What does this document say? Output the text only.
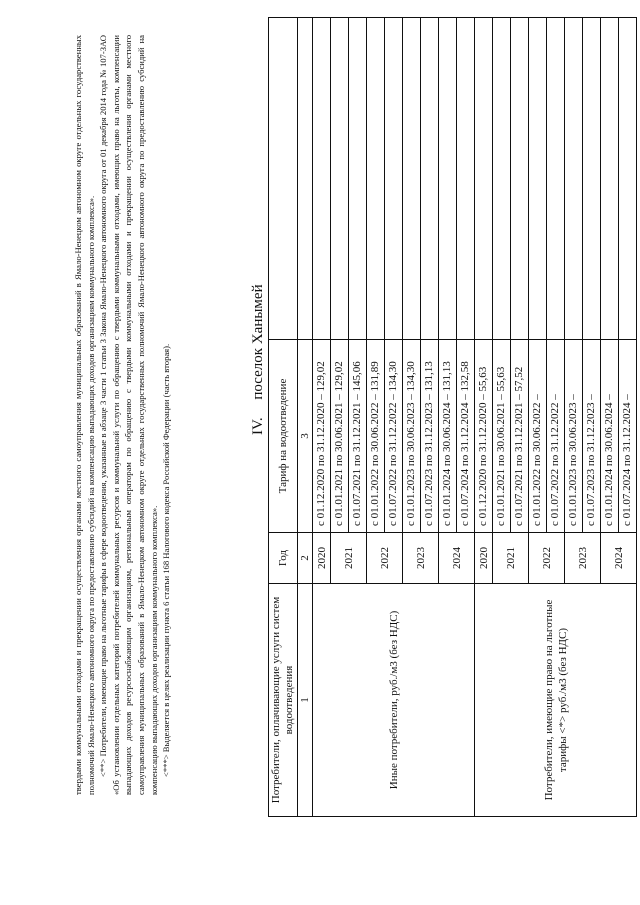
твердыми коммунальными отходами и прекращении осуществления органами местного самоуправления муниципальных образований в Ямало-Ненецком автономном округе отдельных государственных полномочий Ямало-Ненецкого автономного округа по предоставлению субсидий на компенсацию выпадающих доходов организациям коммунального комплекса». <**> Потребители, имеющие право на льготные тарифы в сфере водоотведения, указанные в абзаце 3 части 1 статьи 3 Закона Ямало-Ненецкого автономного округа от 01 декабря 2014 года № 107-ЗАО «Об установлении отдельных категорий потребителей коммунальных ресурсов и коммунальной услуги по обращению с твердыми коммунальными отходами, имеющих право на льготы, компенсации выпадающих доходов ресурсоснабжающим организациям, региональным операторам по обращению с твердыми коммунальными отходами и прекращении осуществления органами местного самоуправления муниципальных образований в Ямало-Ненецком автономном округе отдельных государственных полномочий Ямало-Ненецкого автономного округа по предоставлению субсидий на компенсацию выпадающих доходов организациям коммунального комплекса». <***> Выделяется в целях реализации пункта 6 статьи 168 Налогового кодекса Российской Федерации (часть вторая).	IV. поселок Ханымей
Потребители, оплачивающие услуги систем водоотведения	Год	Тариф на водоотведение	
1	2	3	
Иные потребители, руб./м3 (без НДС)	2020	с 01.12.2020 по 31.12.2020 – 129,02	
	2021	с 01.01.2021 по 30.06.2021 – 129,02	
		с 01.07.2021 по 31.12.2021 – 145,06	
	2022	с 01.01.2022 по 30.06.2022 – 131,89	
		с 01.07.2022 по 31.12.2022 – 134,30	
	2023	с 01.01.2023 по 30.06.2023 – 134,30	
		с 01.07.2023 по 31.12.2023 – 131,13	
	2024	с 01.01.2024 по 30.06.2024 – 131,13	
		с 01.07.2024 по 31.12.2024 – 132,58	
Потребители, имеющие право на льготные тарифы <*> руб./м3 (без НДС)	2020	с 01.12.2020 по 31.12.2020 – 55,63	
	2021	с 01.01.2021 по 30.06.2021 – 55,63	
		с 01.07.2021 по 31.12.2021 – 57,52	
	2022	с 01.01.2022 по 30.06.2022 –	
		с 01.07.2022 по 31.12.2022 –	
	2023	с 01.01.2023 по 30.06.2023 –	
		с 01.07.2023 по 31.12.2023 –	
	2024	с 01.01.2024 по 30.06.2024 –	
		с 01.07.2024 по 31.12.2024 –	
